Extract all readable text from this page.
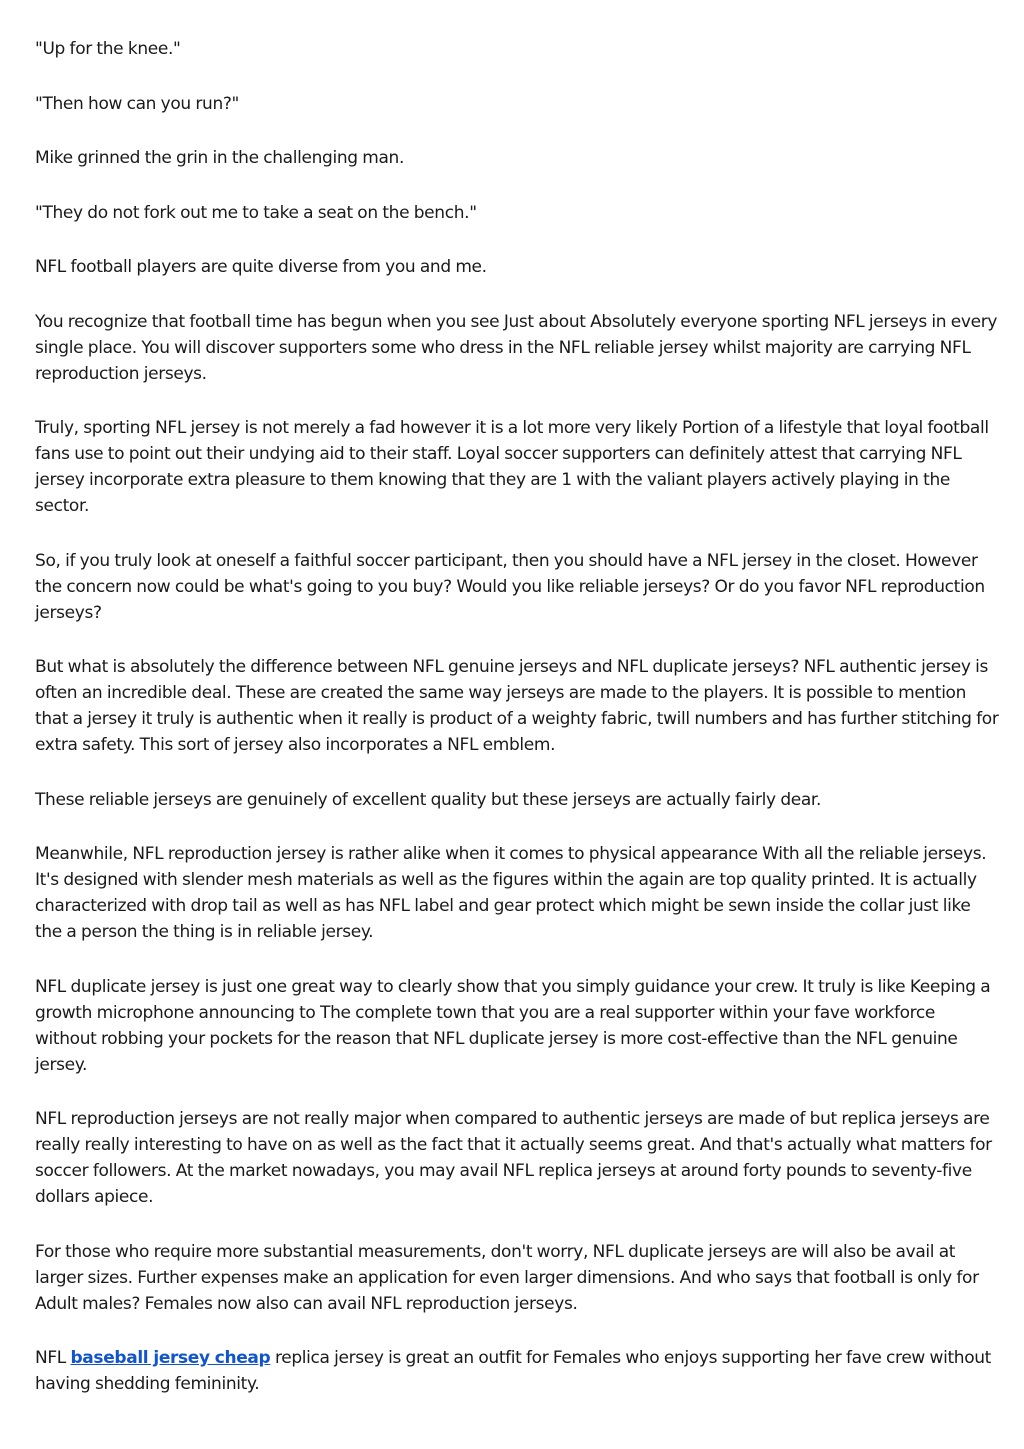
"Up for the knee."

"Then how can you run?"

Mike grinned the grin in the challenging man.

"They do not fork out me to take a seat on the bench."

NFL football players are quite diverse from you and me.

You recognize that football time has begun when you see Just about Absolutely everyone sporting NFL jerseys in every single place. You will discover supporters some who dress in the NFL reliable jersey whilst majority are carrying NFL reproduction jerseys.

Truly, sporting NFL jersey is not merely a fad however it is a lot more very likely Portion of a lifestyle that loyal football fans use to point out their undying aid to their staff. Loyal soccer supporters can definitely attest that carrying NFL jersey incorporate extra pleasure to them knowing that they are 1 with the valiant players actively playing in the sector.

So, if you truly look at oneself a faithful soccer participant, then you should have a NFL jersey in the closet. However the concern now could be what's going to you buy? Would you like reliable jerseys? Or do you favor NFL reproduction jerseys?

But what is absolutely the difference between NFL genuine jerseys and NFL duplicate jerseys? NFL authentic jersey is often an incredible deal. These are created the same way jerseys are made to the players. It is possible to mention that a jersey it truly is authentic when it really is product of a weighty fabric, twill numbers and has further stitching for extra safety. This sort of jersey also incorporates a NFL emblem.

These reliable jerseys are genuinely of excellent quality but these jerseys are actually fairly dear.

Meanwhile, NFL reproduction jersey is rather alike when it comes to physical appearance With all the reliable jerseys. It's designed with slender mesh materials as well as the figures within the again are top quality printed. It is actually characterized with drop tail as well as has NFL label and gear protect which might be sewn inside the collar just like the a person the thing is in reliable jersey.

NFL duplicate jersey is just one great way to clearly show that you simply guidance your crew. It truly is like Keeping a growth microphone announcing to The complete town that you are a real supporter within your fave workforce without robbing your pockets for the reason that NFL duplicate jersey is more cost-effective than the NFL genuine jersey.

NFL reproduction jerseys are not really major when compared to authentic jerseys are made of but replica jerseys are really really interesting to have on as well as the fact that it actually seems great. And that's actually what matters for soccer followers. At the market nowadays, you may avail NFL replica jerseys at around forty pounds to seventy-five dollars apiece.

For those who require more substantial measurements, don't worry, NFL duplicate jerseys are will also be avail at larger sizes. Further expenses make an application for even larger dimensions. And who says that football is only for Adult males? Females now also can avail NFL reproduction jerseys.

NFL baseball jersey cheap replica jersey is great an outfit for Females who enjoys supporting her fave crew without having shedding femininity.
